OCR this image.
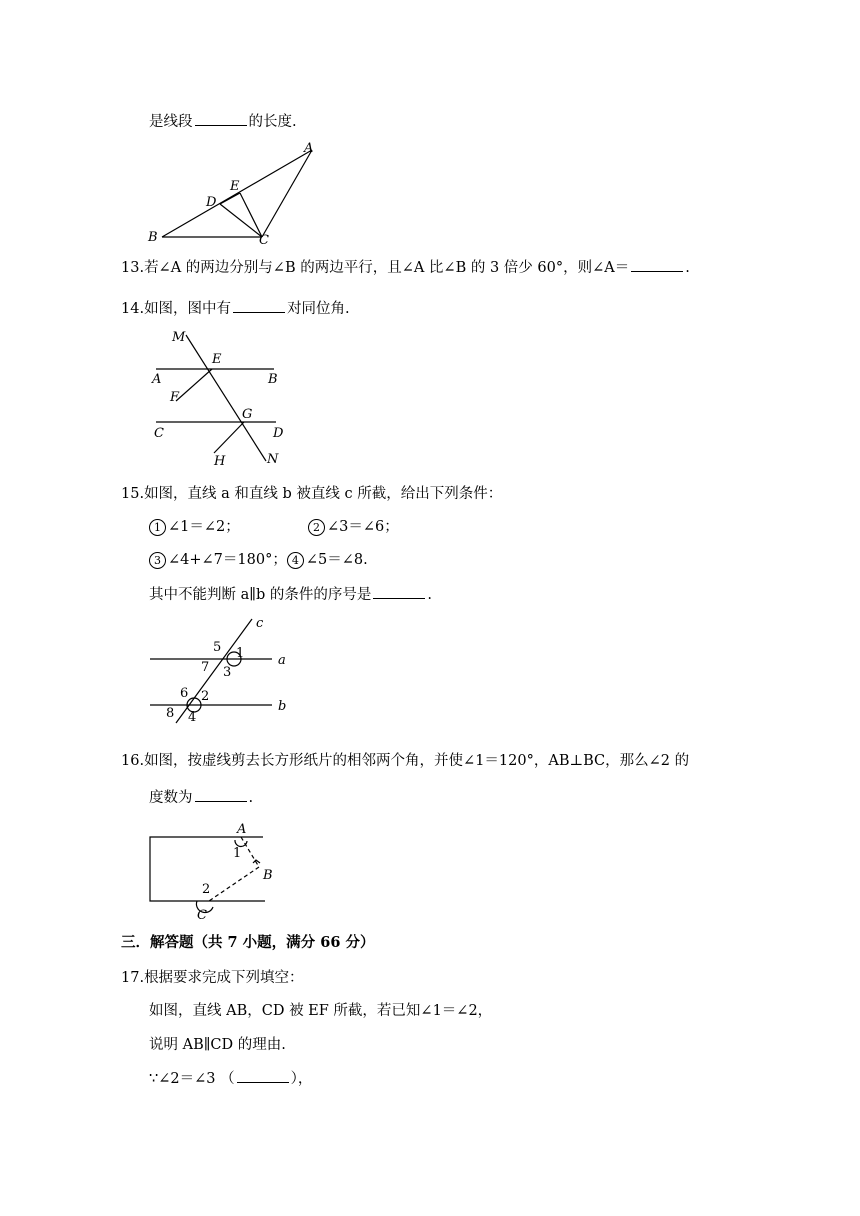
是线段	的长度.
A
B	C
D
E
13.若∠A 的两边分别与∠B 的两边平行，且∠A 比∠B 的 3 倍少 60°，则∠A＝	.
14.如图，图中有	对同位角.
M
E
A	B
F
G
C	D
H	N
15.如图，直线 a 和直线 b 被直线 c 所截，给出下列条件：
1 ∠1＝∠2；	2 ∠3＝∠6；
3 ∠4+∠7＝180°； 4 ∠5＝∠8.
其中不能判断 a∥b 的条件的序号是	.
c
a
b
5 1
7 3
6 2
8 4
16.如图，按虚线剪去长方形纸片的相邻两个角，并使∠1＝120°，AB⊥BC，那么∠2 的
度数为	.
A
B
C
1
2
三．解答题（共 7 小题，满分 66 分）
17.根据要求完成下列填空：
如图，直线 AB，CD 被 EF 所截，若已知∠1＝∠2，
说明 AB∥CD 的理由.
∵∠2＝∠3 （	），
